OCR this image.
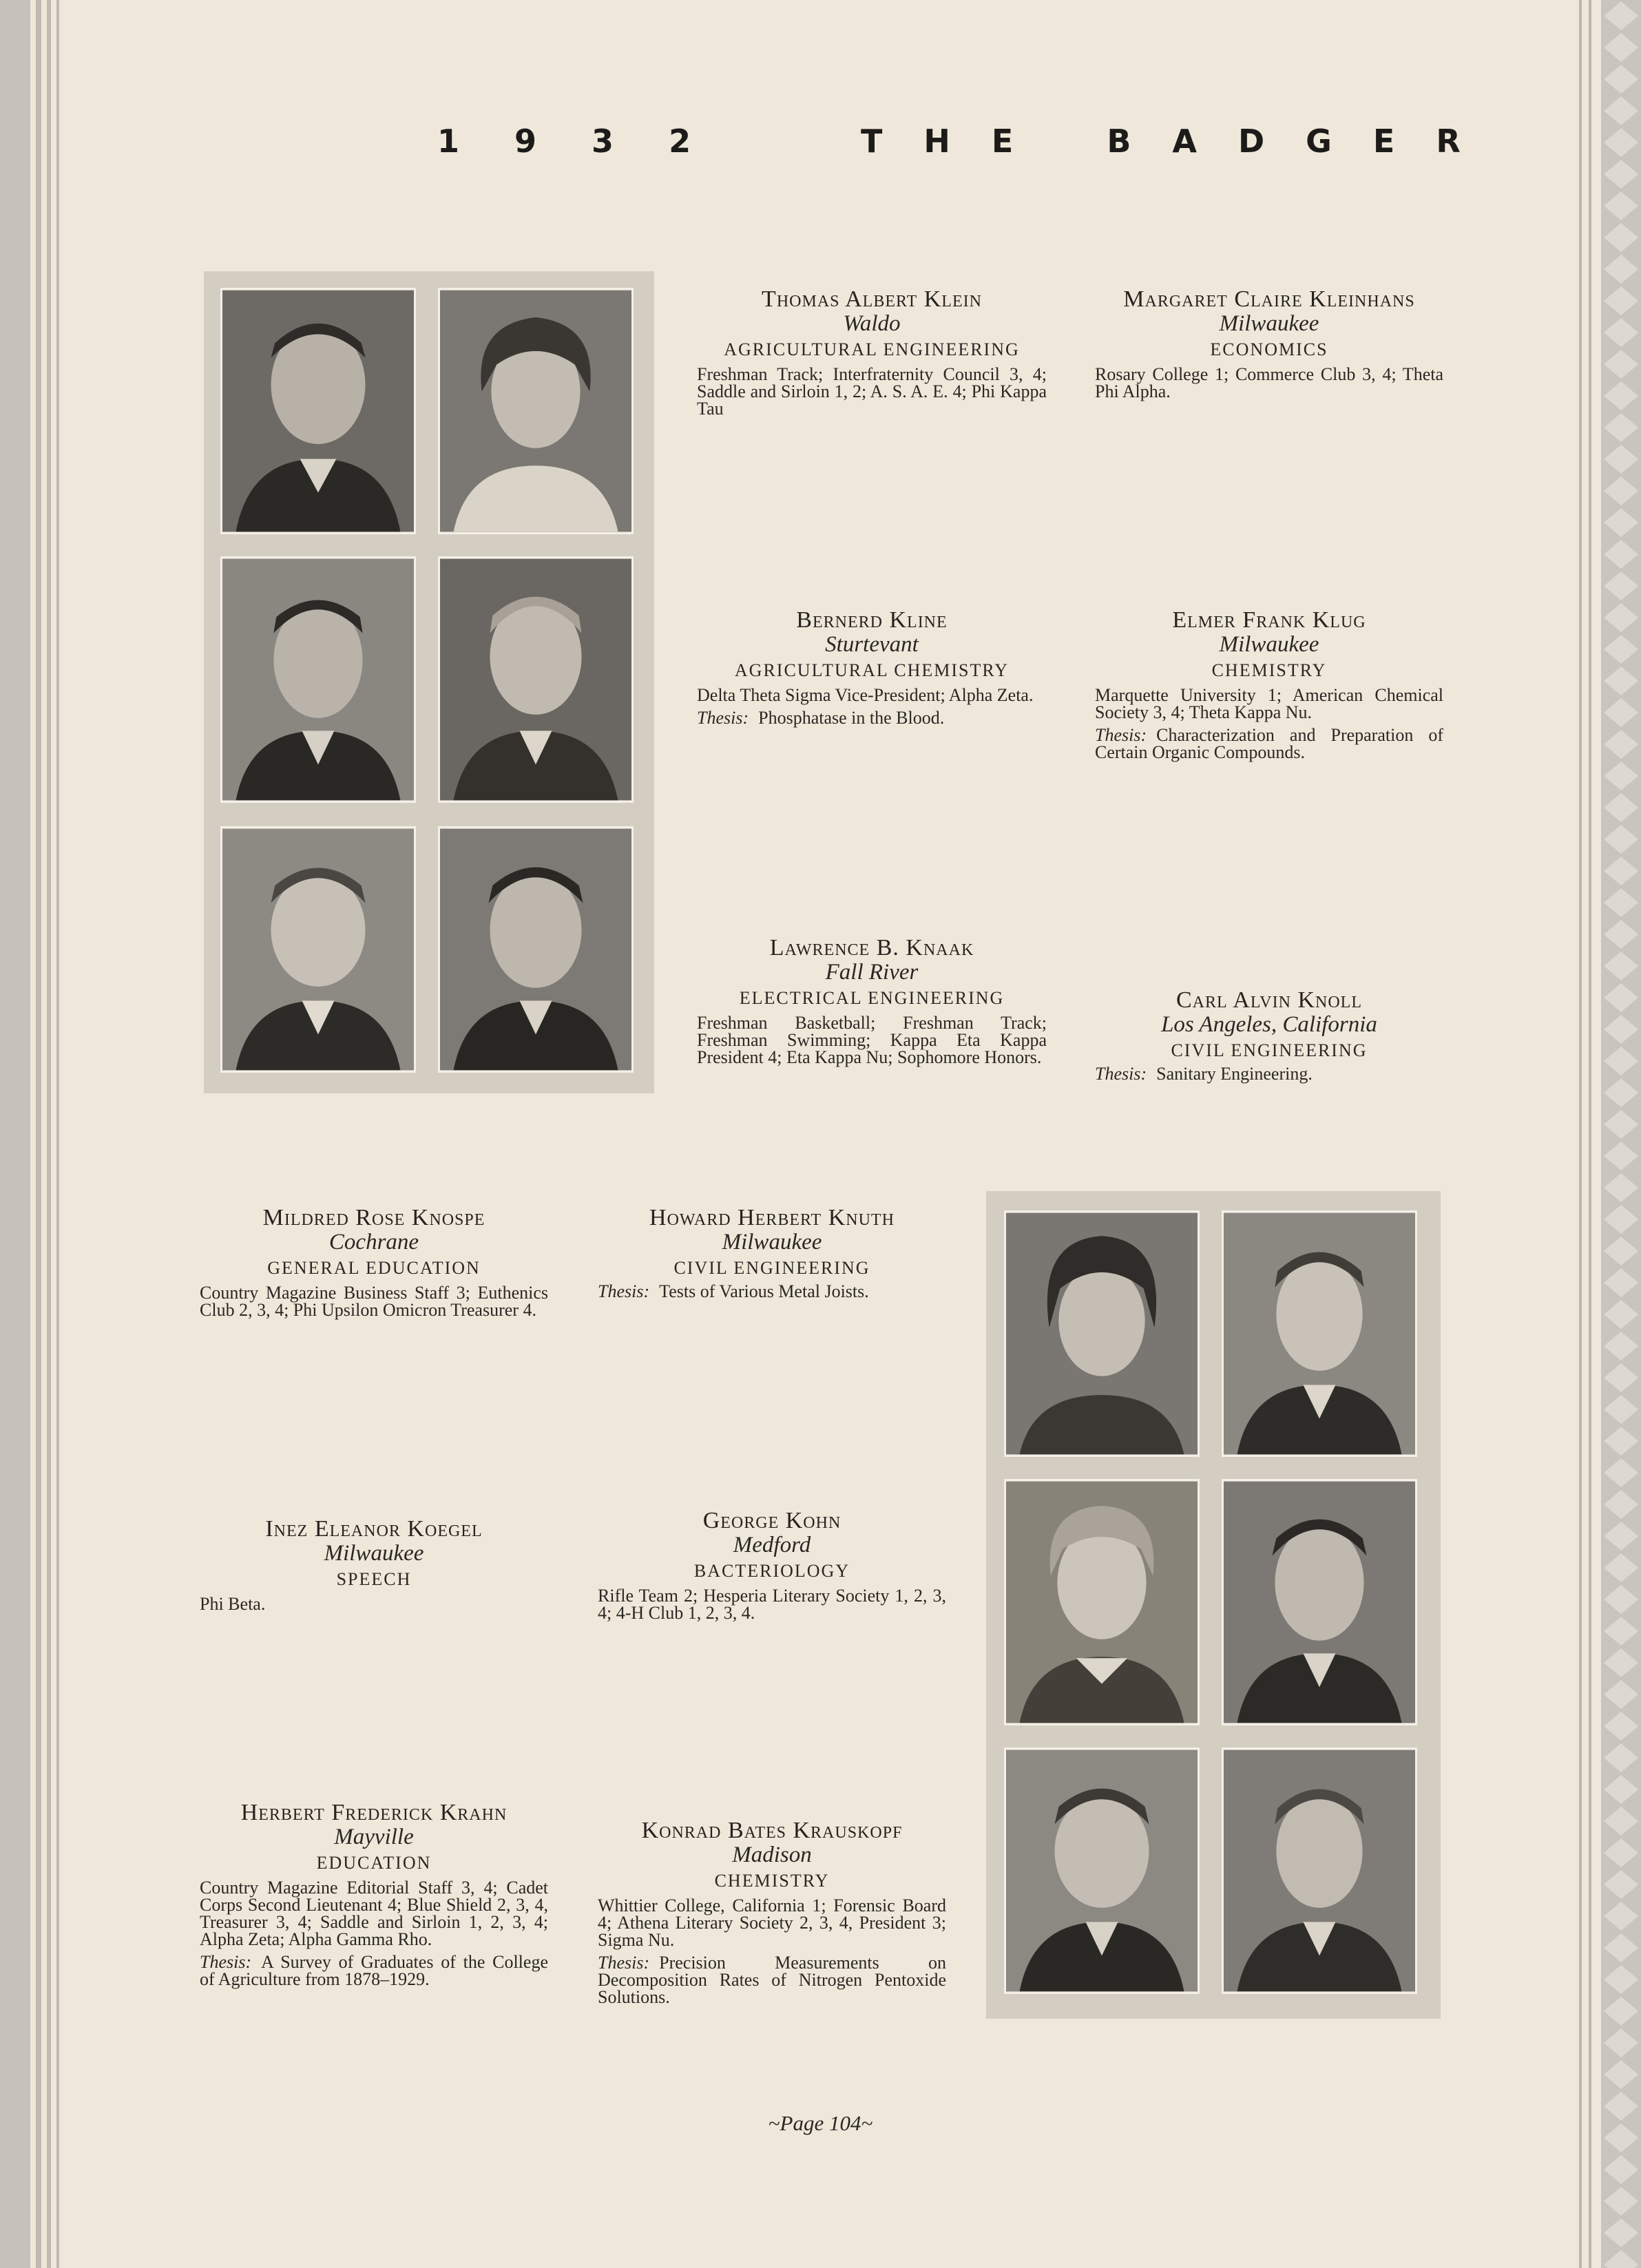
1 9 3 2	THE BADGER
Thomas Albert Klein
Waldo
AGRICULTURAL ENGINEERING
Freshman Track; Interfraternity Council 3, 4; Saddle and Sirloin 1, 2; A. S. A. E. 4; Phi Kappa Tau
Margaret Claire Kleinhans
Milwaukee
ECONOMICS
Rosary College 1; Commerce Club 3, 4; Theta Phi Alpha.
Bernerd Kline
Sturtevant
AGRICULTURAL CHEMISTRY
Delta Theta Sigma Vice-President; Alpha Zeta.
Thesis: Phosphatase in the Blood.
Elmer Frank Klug
Milwaukee
CHEMISTRY
Marquette University 1; American Chemical Society 3, 4; Theta Kappa Nu.
Thesis: Characterization and Preparation of Certain Organic Compounds.
Lawrence B. Knaak
Fall River
ELECTRICAL ENGINEERING
Freshman Basketball; Freshman Track; Freshman Swimming; Kappa Eta Kappa President 4; Eta Kappa Nu; Sophomore Honors.
Carl Alvin Knoll
Los Angeles, California
CIVIL ENGINEERING
Thesis: Sanitary Engineering.
Mildred Rose Knospe
Cochrane
GENERAL EDUCATION
Country Magazine Business Staff 3; Euthenics Club 2, 3, 4; Phi Upsilon Omicron Treasurer 4.
Howard Herbert Knuth
Milwaukee
CIVIL ENGINEERING
Thesis: Tests of Various Metal Joists.
Inez Eleanor Koegel
Milwaukee
SPEECH
Phi Beta.
George Kohn
Medford
BACTERIOLOGY
Rifle Team 2; Hesperia Literary Society 1, 2, 3, 4; 4-H Club 1, 2, 3, 4.
Herbert Frederick Krahn
Mayville
EDUCATION
Country Magazine Editorial Staff 3, 4; Cadet Corps Second Lieutenant 4; Blue Shield 2, 3, 4, Treasurer 3, 4; Saddle and Sirloin 1, 2, 3, 4; Alpha Zeta; Alpha Gamma Rho.
Thesis: A Survey of Graduates of the College of Agriculture from 1878–1929.
Konrad Bates Krauskopf
Madison
CHEMISTRY
Whittier College, California 1; Forensic Board 4; Athena Literary Society 2, 3, 4, President 3; Sigma Nu.
Thesis: Precision Measurements on Decomposition Rates of Nitrogen Pentoxide Solutions.
~Page 104~
